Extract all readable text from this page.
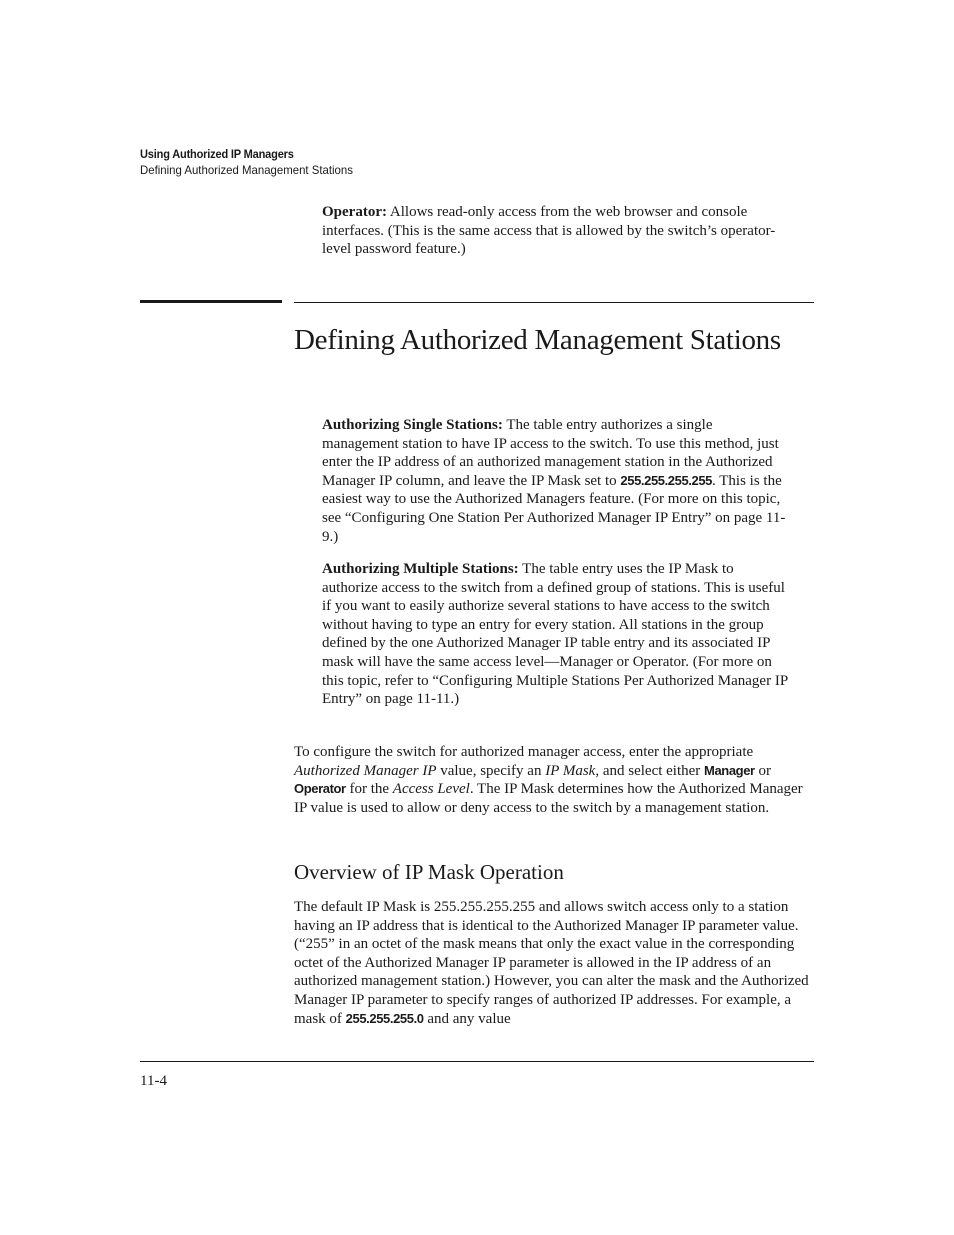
Using Authorized IP Managers
Defining Authorized Management Stations

Operator: Allows read-only access from the web browser and console interfaces. (This is the same access that is allowed by the switch’s operator-level password feature.)

Defining Authorized Management Stations

Authorizing Single Stations: The table entry authorizes a single management station to have IP access to the switch. To use this method, just enter the IP address of an authorized management station in the Authorized Manager IP column, and leave the IP Mask set to 255.255.255.255. This is the easiest way to use the Authorized Managers feature. (For more on this topic, see “Configuring One Station Per Authorized Manager IP Entry” on page 11-9.)

Authorizing Multiple Stations: The table entry uses the IP Mask to authorize access to the switch from a defined group of stations. This is useful if you want to easily authorize several stations to have access to the switch without having to type an entry for every station. All stations in the group defined by the one Authorized Manager IP table entry and its associated IP mask will have the same access level—Manager or Operator. (For more on this topic, refer to “Configuring Multiple Stations Per Authorized Manager IP Entry” on page 11-11.)

To configure the switch for authorized manager access, enter the appropriate Authorized Manager IP value, specify an IP Mask, and select either Manager or Operator for the Access Level. The IP Mask determines how the Authorized Manager IP value is used to allow or deny access to the switch by a management station.

Overview of IP Mask Operation

The default IP Mask is 255.255.255.255 and allows switch access only to a station having an IP address that is identical to the Authorized Manager IP parameter value. (“255” in an octet of the mask means that only the exact value in the corresponding octet of the Authorized Manager IP parameter is allowed in the IP address of an authorized management station.) However, you can alter the mask and the Authorized Manager IP parameter to specify ranges of authorized IP addresses. For example, a mask of 255.255.255.0 and any value

11-4
